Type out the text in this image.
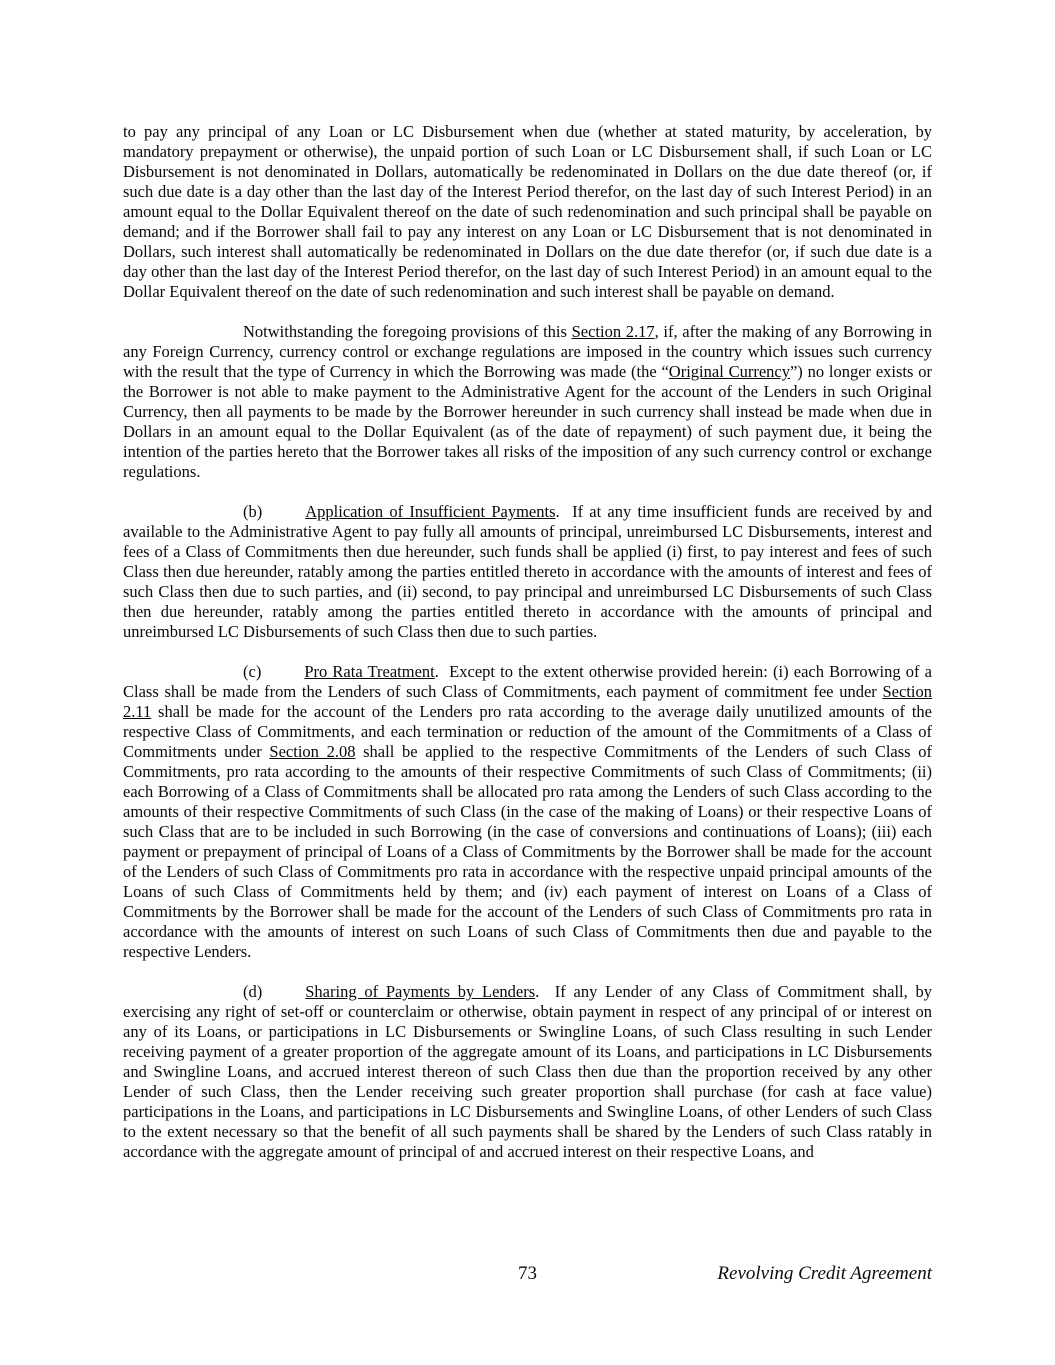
to pay any principal of any Loan or LC Disbursement when due (whether at stated maturity, by acceleration, by mandatory prepayment or otherwise), the unpaid portion of such Loan or LC Disbursement shall, if such Loan or LC Disbursement is not denominated in Dollars, automatically be redenominated in Dollars on the due date thereof (or, if such due date is a day other than the last day of the Interest Period therefor, on the last day of such Interest Period) in an amount equal to the Dollar Equivalent thereof on the date of such redenomination and such principal shall be payable on demand; and if the Borrower shall fail to pay any interest on any Loan or LC Disbursement that is not denominated in Dollars, such interest shall automatically be redenominated in Dollars on the due date therefor (or, if such due date is a day other than the last day of the Interest Period therefor, on the last day of such Interest Period) in an amount equal to the Dollar Equivalent thereof on the date of such redenomination and such interest shall be payable on demand.

Notwithstanding the foregoing provisions of this Section 2.17, if, after the making of any Borrowing in any Foreign Currency, currency control or exchange regulations are imposed in the country which issues such currency with the result that the type of Currency in which the Borrowing was made (the “Original Currency”) no longer exists or the Borrower is not able to make payment to the Administrative Agent for the account of the Lenders in such Original Currency, then all payments to be made by the Borrower hereunder in such currency shall instead be made when due in Dollars in an amount equal to the Dollar Equivalent (as of the date of repayment) of such payment due, it being the intention of the parties hereto that the Borrower takes all risks of the imposition of any such currency control or exchange regulations.

(b)	Application of Insufficient Payments.  If at any time insufficient funds are received by and available to the Administrative Agent to pay fully all amounts of principal, unreimbursed LC Disbursements, interest and fees of a Class of Commitments then due hereunder, such funds shall be applied (i) first, to pay interest and fees of such Class then due hereunder, ratably among the parties entitled thereto in accordance with the amounts of interest and fees of such Class then due to such parties, and (ii) second, to pay principal and unreimbursed LC Disbursements of such Class then due hereunder, ratably among the parties entitled thereto in accordance with the amounts of principal and unreimbursed LC Disbursements of such Class then due to such parties.

(c)	Pro Rata Treatment.  Except to the extent otherwise provided herein: (i) each Borrowing of a Class shall be made from the Lenders of such Class of Commitments, each payment of commitment fee under Section 2.11 shall be made for the account of the Lenders pro rata according to the average daily unutilized amounts of the respective Class of Commitments, and each termination or reduction of the amount of the Commitments of a Class of Commitments under Section 2.08 shall be applied to the respective Commitments of the Lenders of such Class of Commitments, pro rata according to the amounts of their respective Commitments of such Class of Commitments; (ii) each Borrowing of a Class of Commitments shall be allocated pro rata among the Lenders of such Class according to the amounts of their respective Commitments of such Class (in the case of the making of Loans) or their respective Loans of such Class that are to be included in such Borrowing (in the case of conversions and continuations of Loans); (iii) each payment or prepayment of principal of Loans of a Class of Commitments by the Borrower shall be made for the account of the Lenders of such Class of Commitments pro rata in accordance with the respective unpaid principal amounts of the Loans of such Class of Commitments held by them; and (iv) each payment of interest on Loans of a Class of Commitments by the Borrower shall be made for the account of the Lenders of such Class of Commitments pro rata in accordance with the amounts of interest on such Loans of such Class of Commitments then due and payable to the respective Lenders.

(d)	Sharing of Payments by Lenders.  If any Lender of any Class of Commitment shall, by exercising any right of set-off or counterclaim or otherwise, obtain payment in respect of any principal of or interest on any of its Loans, or participations in LC Disbursements or Swingline Loans, of such Class resulting in such Lender receiving payment of a greater proportion of the aggregate amount of its Loans, and participations in LC Disbursements and Swingline Loans, and accrued interest thereon of such Class then due than the proportion received by any other Lender of such Class, then the Lender receiving such greater proportion shall purchase (for cash at face value) participations in the Loans, and participations in LC Disbursements and Swingline Loans, of other Lenders of such Class to the extent necessary so that the benefit of all such payments shall be shared by the Lenders of such Class ratably in accordance with the aggregate amount of principal of and accrued interest on their respective Loans, and

73	Revolving Credit Agreement
